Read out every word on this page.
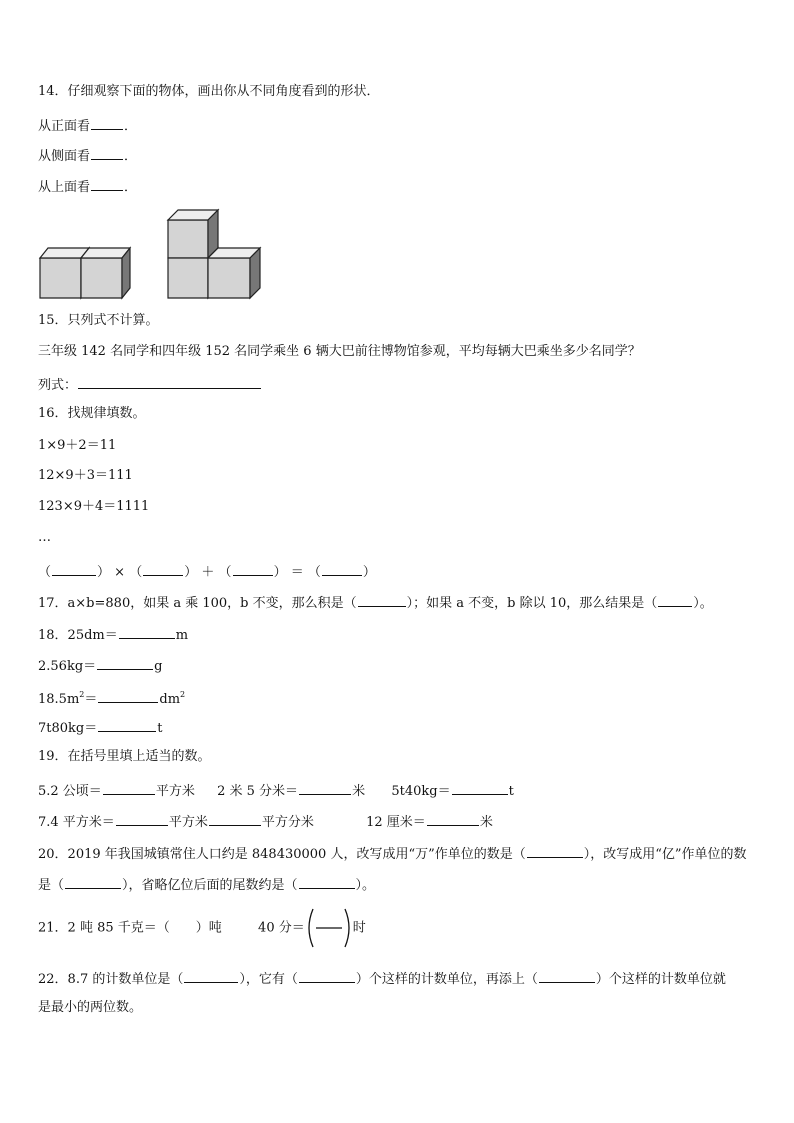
14．仔细观察下面的物体，画出你从不同角度看到的形状．
从正面看	．
从侧面看	．
从上面看	．
15．只列式不计算。
三年级 142 名同学和四年级 152 名同学乘坐 6 辆大巴前往博物馆参观，平均每辆大巴乘坐多少名同学？
列式：
16．找规律填数。
1×9＋2＝11
12×9＋3＝111
123×9＋4＝1111
…
（	） × （	） ＋ （	） ＝ （	）
17．a×b=880，如果 a 乘 100，b 不变，那么积是（	）；如果 a 不变，b 除以 10，那么结果是（	）。
18．25dm＝	m
2.56kg＝	g
$18.5m^2=$	$dm^2$
7t80kg＝	t
19．在括号里填上适当的数。
5.2 公顷＝	平方米 2 米 5 分米＝	米 5t40kg＝	t
7.4 平方米＝	平方米	平方分米	12 厘米＝	米
20．2019 年我国城镇常住人口约是 848430000 人，改写成用“万”作单位的数是（	），改写成用“亿”作单位的数
是（	），省略亿位后面的尾数约是（	）。
21．2 吨 85 千克＝（　　）吨	40 分＝	时
22．8.7 的计数单位是（	），它有（	）个这样的计数单位，再添上（	）个这样的计数单位就
是最小的两位数。
